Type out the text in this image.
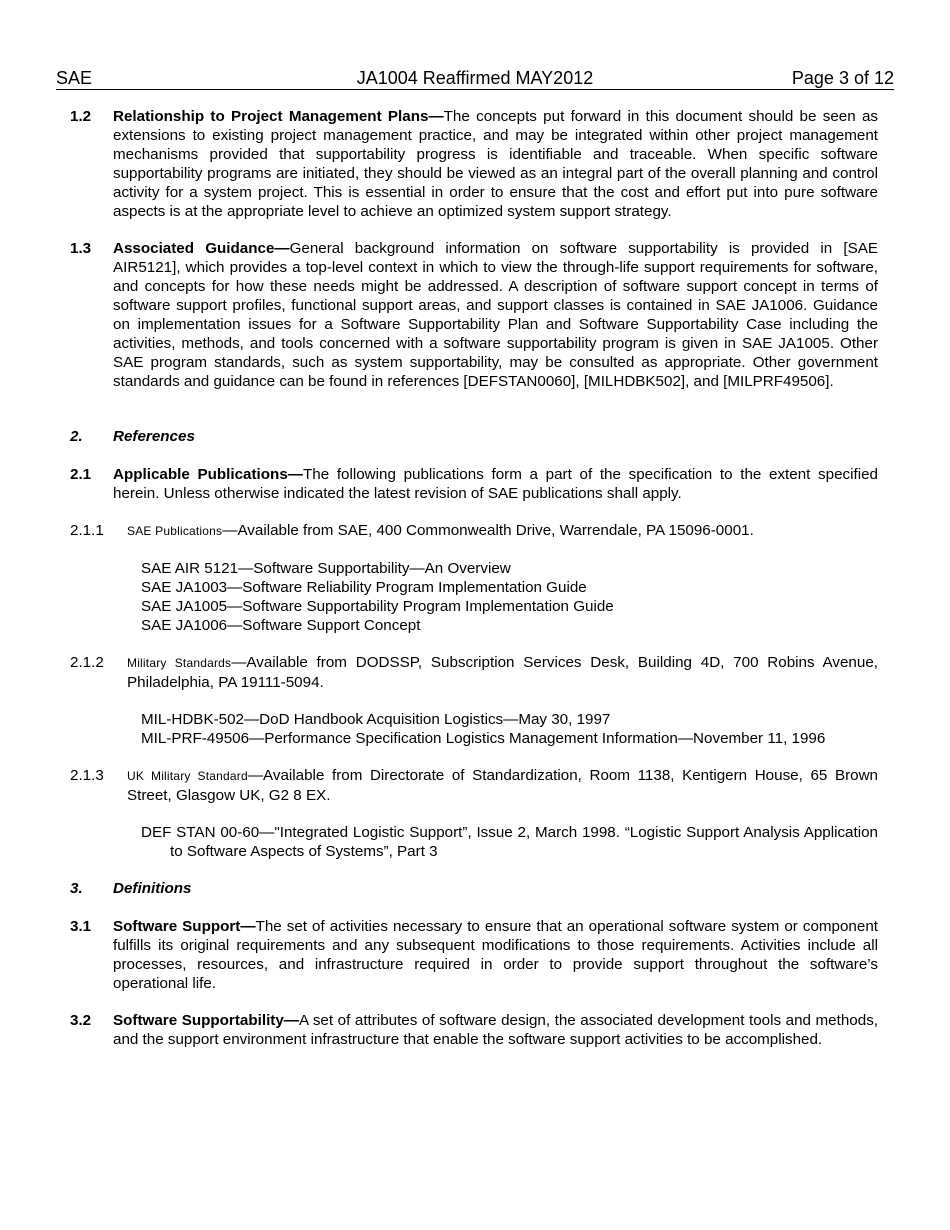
SAE	JA1004 Reaffirmed MAY2012	Page 3 of 12
1.2 Relationship to Project Management Plans—The concepts put forward in this document should be seen as extensions to existing project management practice, and may be integrated within other project management mechanisms provided that supportability progress is identifiable and traceable. When specific software supportability programs are initiated, they should be viewed as an integral part of the overall planning and control activity for a system project. This is essential in order to ensure that the cost and effort put into pure software aspects is at the appropriate level to achieve an optimized system support strategy.
1.3 Associated Guidance—General background information on software supportability is provided in [SAE AIR5121], which provides a top-level context in which to view the through-life support requirements for software, and concepts for how these needs might be addressed. A description of software support concept in terms of software support profiles, functional support areas, and support classes is contained in SAE JA1006. Guidance on implementation issues for a Software Supportability Plan and Software Supportability Case including the activities, methods, and tools concerned with a software supportability program is given in SAE JA1005. Other SAE program standards, such as system supportability, may be consulted as appropriate. Other government standards and guidance can be found in references [DEFSTAN0060], [MILHDBK502], and [MILPRF49506].
2. References
2.1 Applicable Publications—The following publications form a part of the specification to the extent specified herein. Unless otherwise indicated the latest revision of SAE publications shall apply.
2.1.1 SAE Publications—Available from SAE, 400 Commonwealth Drive, Warrendale, PA 15096-0001.
SAE AIR 5121—Software Supportability—An Overview
SAE JA1003—Software Reliability Program Implementation Guide
SAE JA1005—Software Supportability Program Implementation Guide
SAE JA1006—Software Support Concept
2.1.2 Military Standards—Available from DODSSP, Subscription Services Desk, Building 4D, 700 Robins Avenue, Philadelphia, PA 19111-5094.
MIL-HDBK-502—DoD Handbook Acquisition Logistics—May 30, 1997
MIL-PRF-49506—Performance Specification Logistics Management Information—November 11, 1996
2.1.3 UK Military Standard—Available from Directorate of Standardization, Room 1138, Kentigern House, 65 Brown Street, Glasgow UK, G2 8 EX.
DEF STAN 00-60—"Integrated Logistic Support”, Issue 2, March 1998. “Logistic Support Analysis Application to Software Aspects of Systems”, Part 3
3. Definitions
3.1 Software Support—The set of activities necessary to ensure that an operational software system or component fulfills its original requirements and any subsequent modifications to those requirements. Activities include all processes, resources, and infrastructure required in order to provide support throughout the software’s operational life.
3.2 Software Supportability—A set of attributes of software design, the associated development tools and methods, and the support environment infrastructure that enable the software support activities to be accomplished.
